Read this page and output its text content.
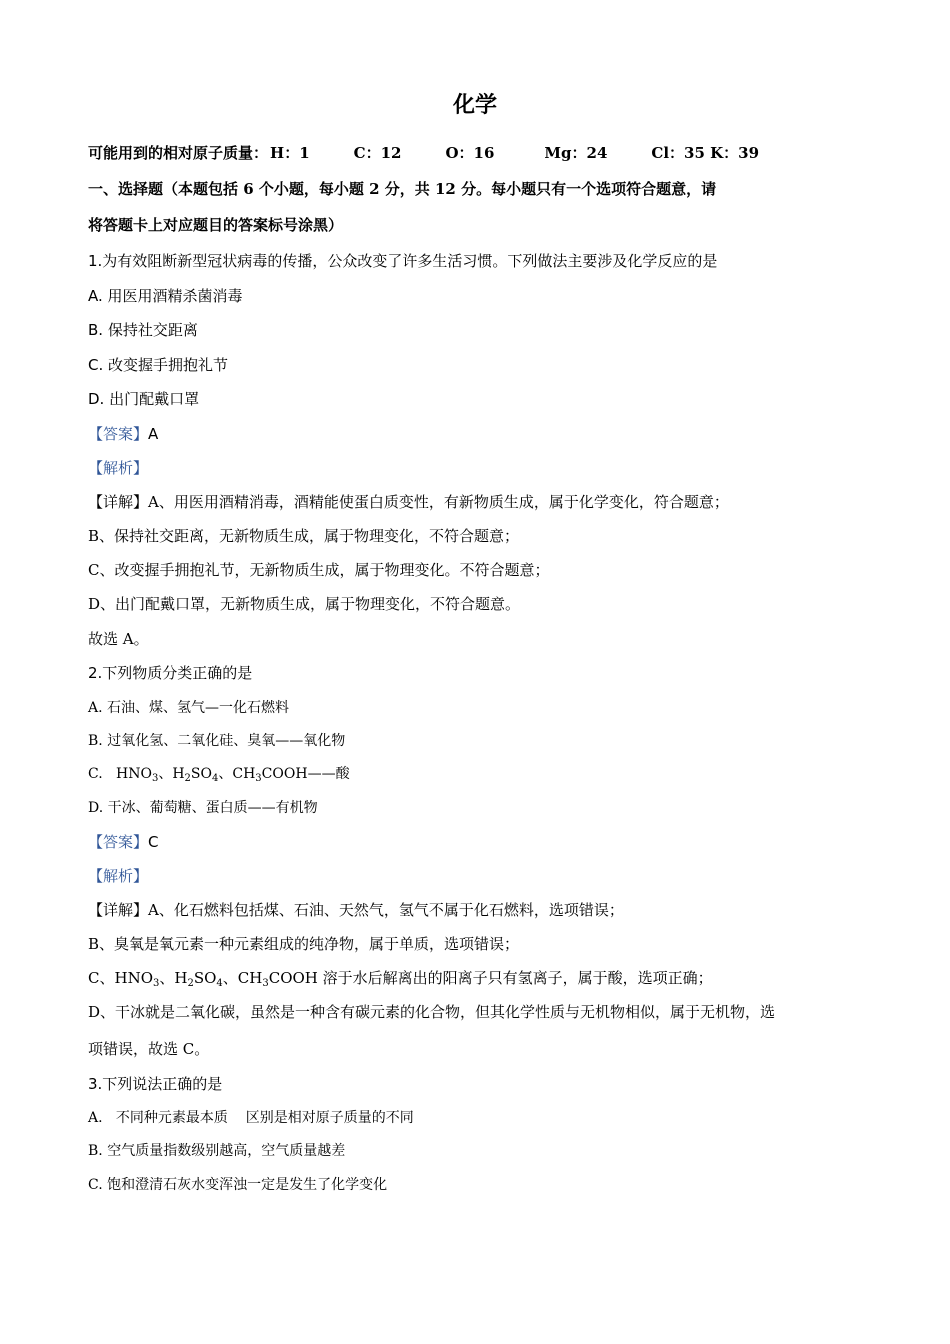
化学
可能用到的相对原子质量： H：1	C：12	O：16	Mg：24	Cl：35 K：39
一、选择题（本题包括 6 个小题，每小题 2 分，共 12 分。每小题只有一个选项符合题意，请
将答题卡上对应题目的答案标号涂黑）
1.为有效阻断新型冠状病毒的传播，公众改变了许多生活习惯。下列做法主要涉及化学反应的是
A. 用医用酒精杀菌消毒
B. 保持社交距离
C. 改变握手拥抱礼节
D. 出门配戴口罩
【答案】A
【解析】
【详解】A、用医用酒精消毒，酒精能使蛋白质变性，有新物质生成，属于化学变化，符合题意；
B、保持社交距离，无新物质生成，属于物理变化，不符合题意；
C、改变握手拥抱礼节，无新物质生成，属于物理变化。不符合题意；
D、出门配戴口罩，无新物质生成，属于物理变化，不符合题意。
故选 A。
2.下列物质分类正确的是
A. 石油、煤、氢气—一化石燃料
B. 过氧化氢、二氧化硅、臭氧——氧化物
C.   $HNO_3$、$H_2SO_4$、$CH_3COOH——$酸
D. 干冰、葡萄糖、蛋白质——有机物
【答案】C
【解析】
【详解】A、化石燃料包括煤、石油、天然气，氢气不属于化石燃料，选项错误；
B、臭氧是氧元素一种元素组成的纯净物，属于单质，选项错误；
C、$HNO_3$、$H_2SO_4$、$CH_3COOH$ 溶于水后解离出的阳离子只有氢离子，属于酸，选项正确；
D、干冰就是二氧化碳，虽然是一种含有碳元素的化合物，但其化学性质与无机物相似，属于无机物，选
项错误，故选 C。
3.下列说法正确的是
A.   不同种元素最本质    区别是相对原子质量的不同
B. 空气质量指数级别越高，空气质量越差
C. 饱和澄清石灰水变浑浊一定是发生了化学变化
